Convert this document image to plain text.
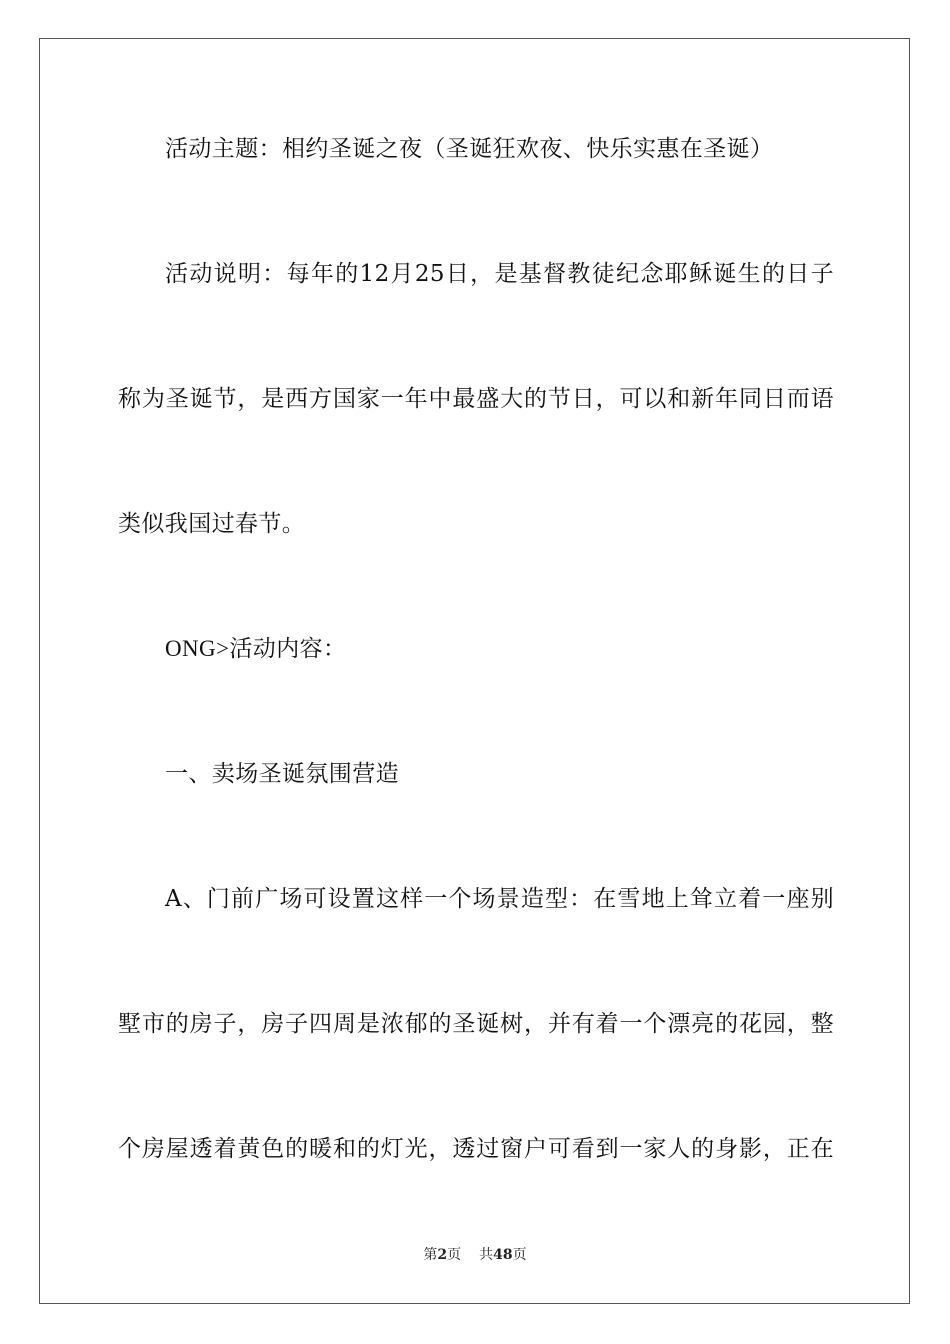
活动主题：相约圣诞之夜（圣诞狂欢夜、快乐实惠在圣诞）
活动说明：每年的12月25日，是基督教徒纪念耶稣诞生的日子
称为圣诞节，是西方国家一年中最盛大的节日，可以和新年同日而语
类似我国过春节。
ONG>活动内容：
一、卖场圣诞氛围营造
A、门前广场可设置这样一个场景造型：在雪地上耸立着一座别
墅市的房子，房子四周是浓郁的圣诞树，并有着一个漂亮的花园，整
个房屋透着黄色的暖和的灯光，透过窗户可看到一家人的身影，正在
第2页 共48页
